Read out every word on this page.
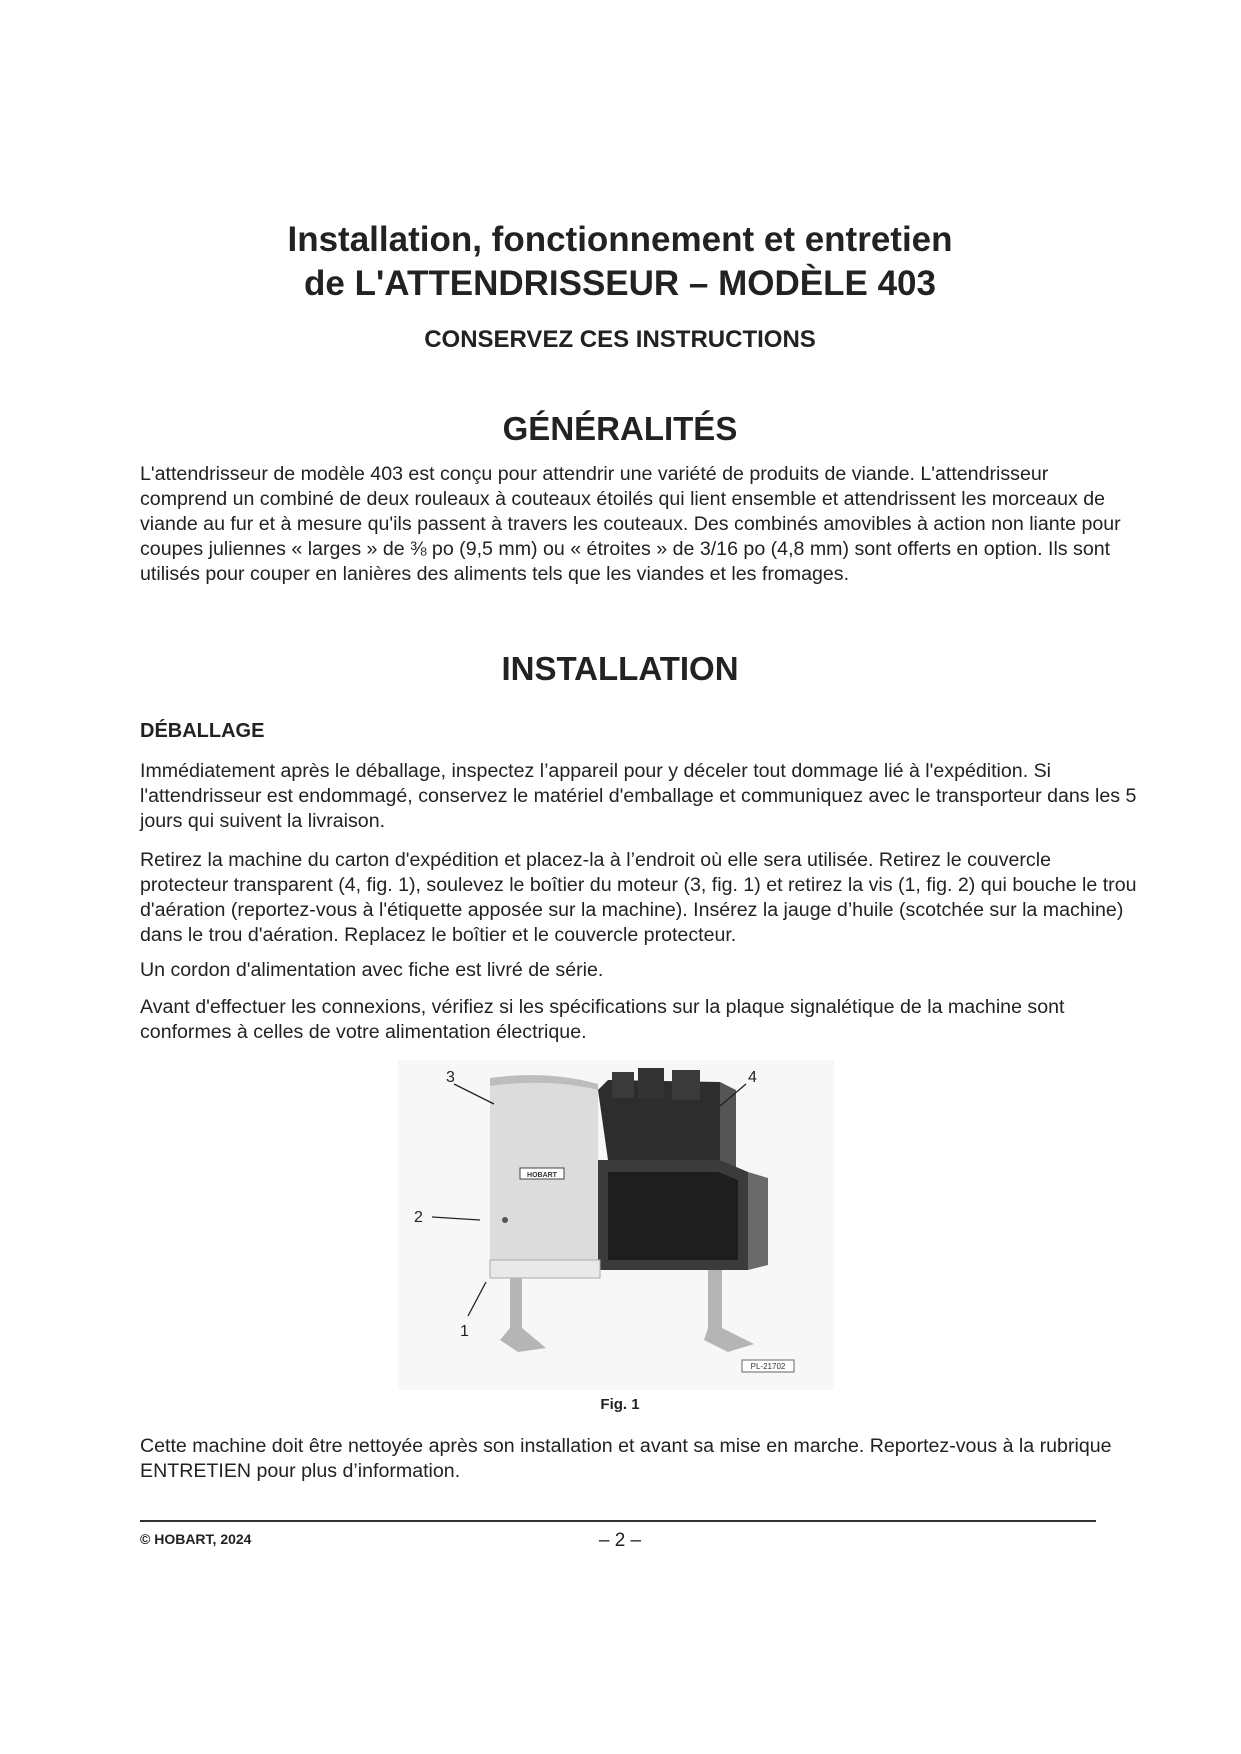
Installation, fonctionnement et entretien
de L'ATTENDRISSEUR – MODÈLE 403
CONSERVEZ CES INSTRUCTIONS
GÉNÉRALITÉS

L'attendrisseur de modèle 403 est conçu pour attendrir une variété de produits de viande. L'attendrisseur comprend un combiné de deux rouleaux à couteaux étoilés qui lient ensemble et attendrissent les morceaux de viande au fur et à mesure qu'ils passent à travers les couteaux. Des combinés amovibles à action non liante pour coupes juliennes « larges » de ⅜ po (9,5 mm) ou « étroites » de 3/16 po (4,8 mm) sont offerts en option. Ils sont utilisés pour couper en lanières des aliments tels que les viandes et les fromages.

INSTALLATION
DÉBALLAGE

Immédiatement après le déballage, inspectez l’appareil pour y déceler tout dommage lié à l'expédition. Si l'attendrisseur est endommagé, conservez le matériel d'emballage et communiquez avec le transporteur dans les 5 jours qui suivent la livraison.

Retirez la machine du carton d'expédition et placez-la à l’endroit où elle sera utilisée. Retirez le couvercle protecteur transparent (4, fig. 1), soulevez le boîtier du moteur (3, fig. 1) et retirez la vis (1, fig. 2) qui bouche le trou d'aération (reportez-vous à l'étiquette apposée sur la machine). Insérez la jauge d’huile (scotchée sur la machine) dans le trou d'aération. Replacez le boîtier et le couvercle protecteur.

Un cordon d'alimentation avec fiche est livré de série.

Avant d'effectuer les connexions, vérifiez si les spécifications sur la plaque signalétique de la machine sont conformes à celles de votre alimentation électrique.

HOBART
PL-21702
3	4
2
1
Fig. 1

Cette machine doit être nettoyée après son installation et avant sa mise en marche. Reportez-vous à la rubrique ENTRETIEN pour plus d’information.

© HOBART, 2024	– 2 –
